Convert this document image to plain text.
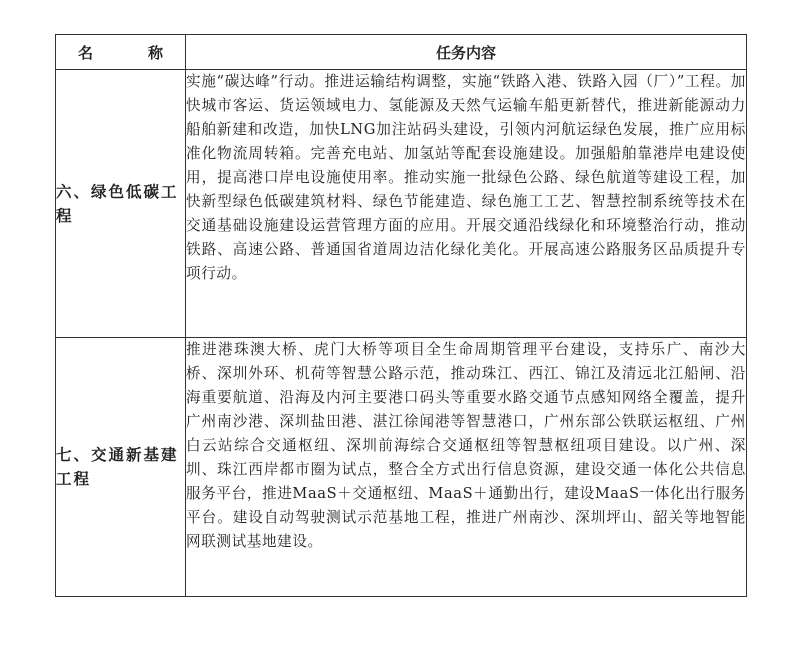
名　称	任务内容
六、绿色低碳工程	实施“碳达峰”行动。推进运输结构调整，实施“铁路入港、铁路入园（厂）”工程。加快城市客运、货运领域电力、氢能源及天然气运输车船更新替代，推进新能源动力船舶新建和改造，加快LNG加注站码头建设，引领内河航运绿色发展，推广应用标准化物流周转箱。完善充电站、加氢站等配套设施建设。加强船舶靠港岸电建设使用，提高港口岸电设施使用率。推动实施一批绿色公路、绿色航道等建设工程，加快新型绿色低碳建筑材料、绿色节能建造、绿色施工工艺、智慧控制系统等技术在交通基础设施建设运营管理方面的应用。开展交通沿线绿化和环境整治行动，推动铁路、高速公路、普通国省道周边洁化绿化美化。开展高速公路服务区品质提升专项行动。
七、交通新基建工程	推进港珠澳大桥、虎门大桥等项目全生命周期管理平台建设，支持乐广、南沙大桥、深圳外环、机荷等智慧公路示范，推动珠江、西江、锦江及清远北江船闸、沿海重要航道、沿海及内河主要港口码头等重要水路交通节点感知网络全覆盖，提升广州南沙港、深圳盐田港、湛江徐闻港等智慧港口，广州东部公铁联运枢纽、广州白云站综合交通枢纽、深圳前海综合交通枢纽等智慧枢纽项目建设。以广州、深圳、珠江西岸都市圈为试点，整合全方式出行信息资源，建设交通一体化公共信息服务平台，推进MaaS＋交通枢纽、MaaS＋通勤出行，建设MaaS一体化出行服务平台。建设自动驾驶测试示范基地工程，推进广州南沙、深圳坪山、韶关等地智能网联测试基地建设。
